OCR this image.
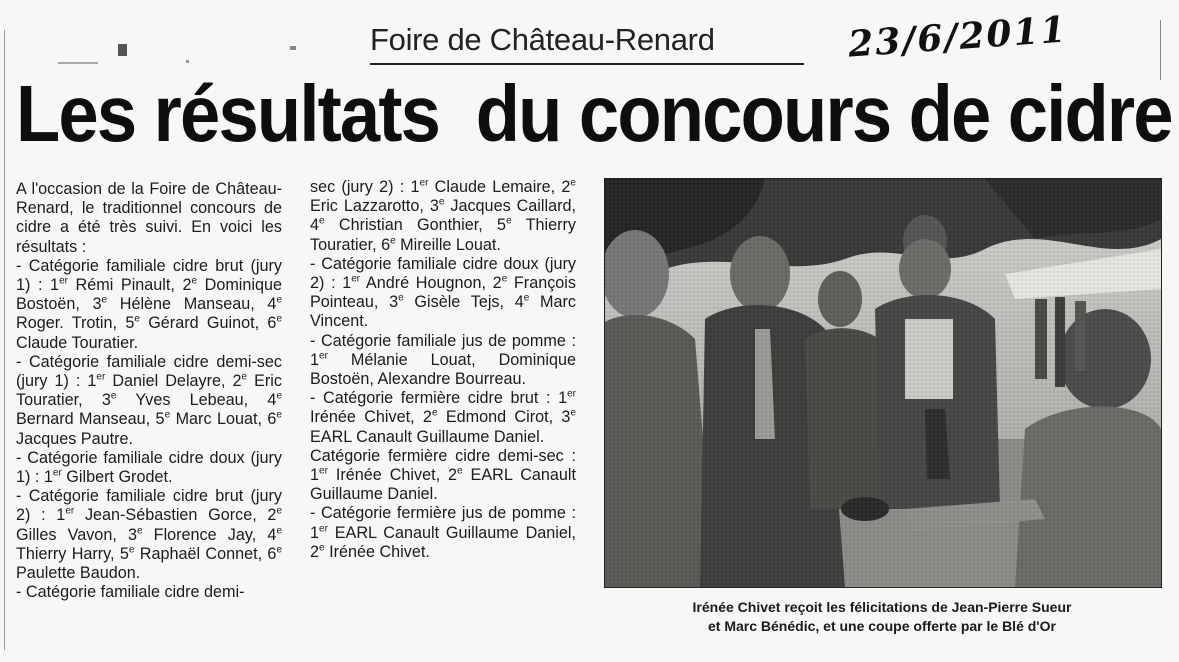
Foire de Château-Renard	23/6/2011
Les résultats  du concours de cidre

A l'occasion de la Foire de Château-Renard, le traditionnel concours de cidre a été très suivi. En voici les résultats :

- Catégorie familiale cidre brut (jury 1) : 1er Rémi Pinault, 2e Dominique Bostoën, 3e Hélène Manseau, 4e Roger. Trotin, 5e Gérard Guinot, 6e Claude Touratier.

- Catégorie familiale cidre demi-sec (jury 1) : 1er Daniel Delayre, 2e Eric Touratier, 3e Yves Lebeau, 4e Bernard Manseau, 5e Marc Louat, 6e Jacques Pautre.

- Catégorie familiale cidre doux (jury 1) : 1er Gilbert Grodet.

- Catégorie familiale cidre brut (jury 2) : 1er Jean-Sébastien Gorce, 2e Gilles Vavon, 3e Florence Jay, 4e Thierry Harry, 5e Raphaël Connet, 6e Paulette Baudon.

- Catégorie familiale cidre demi-

sec (jury 2) : 1er Claude Lemaire, 2e Eric Lazzarotto, 3e Jacques Caillard, 4e Christian Gonthier, 5e Thierry Touratier, 6e Mireille Louat.

- Catégorie familiale cidre doux (jury 2) : 1er André Hougnon, 2e François Pointeau, 3e Gisèle Tejs, 4e Marc Vincent.

- Catégorie familiale jus de pomme : 1er Mélanie Louat, Dominique Bostoën, Alexandre Bourreau.

- Catégorie fermière cidre brut : 1er Irénée Chivet, 2e Edmond Cirot, 3e EARL Canault Guillaume Daniel.

Catégorie fermière cidre demi-sec : 1er Irénée Chivet, 2e EARL Canault Guillaume Daniel.

- Catégorie fermière jus de pomme : 1er EARL Canault Guillaume Daniel, 2e Irénée Chivet.

Irénée Chivet reçoit les félicitations de Jean-Pierre Sueur
et Marc Bénédic, et une coupe offerte par le Blé d'Or
